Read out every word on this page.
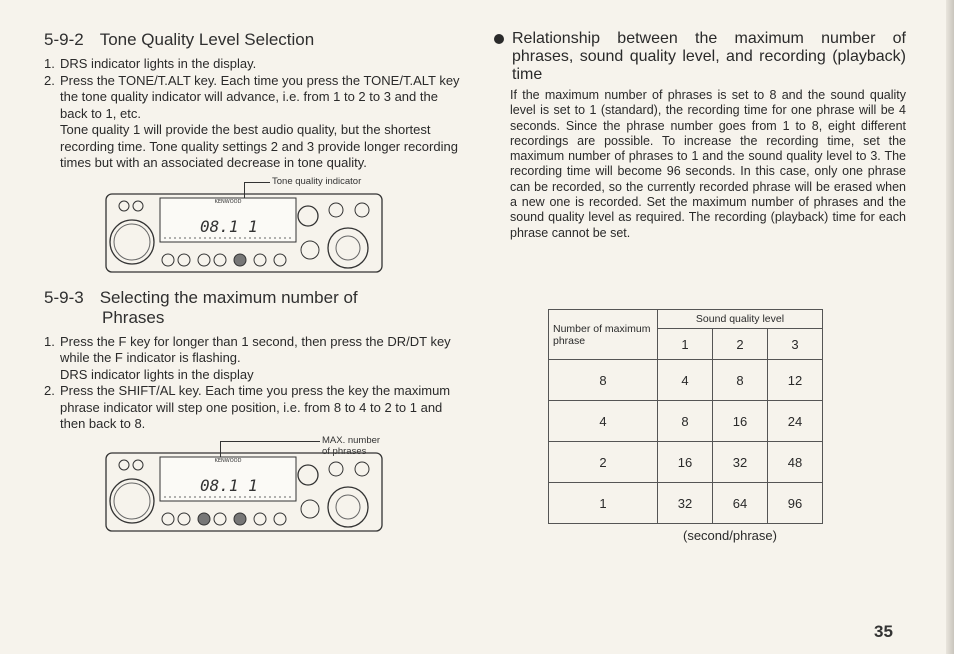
5-9-2 Tone Quality Level Selection
1. DRS indicator lights in the display.
2. Press the TONE/T.ALT key. Each time you press the TONE/T.ALT key the tone quality indicator will advance, i.e. from 1 to 2 to 3 and the back to 1, etc.

Tone quality 1 will provide the best audio quality, but the shortest recording time. Tone quality settings 2 and 3 provide longer recording times but with an associated decrease in tone quality.

Tone quality indicator
KENWOOD
08.1 1
5-9-3 Selecting the maximum number of
Phrases
1. Press the F key for longer than 1 second, then press the DR/DT key while the F indicator is flashing.
DRS indicator lights in the display
2. Press the SHIFT/AL key. Each time you press the key the maximum phrase indicator will step one position, i.e. from 8 to 4 to 2 to 1 and then back to 8.
MAX. number of phrases
KENWOOD
08.1 1
Relationship between the maximum number of phrases, sound quality level, and recording (playback) time

If the maximum number of phrases is set to 8 and the sound quality level is set to 1 (standard), the recording time for one phrase will be 4 seconds. Since the phrase number goes from 1 to 8, eight different recordings are possible. To increase the recording time, set the maximum number of phrases to 1 and the sound quality level to 3. The recording time will become 96 seconds. In this case, only one phrase can be recorded, so the currently recorded phrase will be erased when a new one is recorded. Set the maximum number of phrases and the sound quality level as required. The recording (playback) time for each phrase cannot be set.

Number of maximum phrase	Sound quality level		
	1	2	3
8	4	8	12
4	8	16	24
2	16	32	48
1	32	64	96
(second/phrase)
35
